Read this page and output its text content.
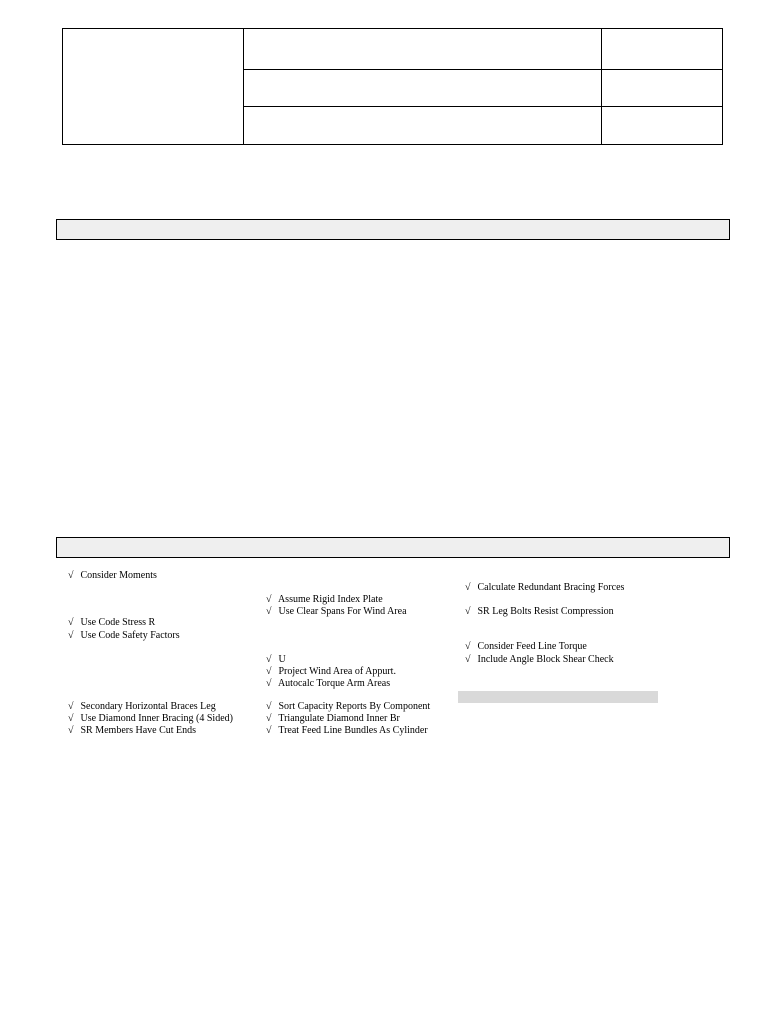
√ Consider Moments
√ Use Code Stress R
√ Use Code Safety Factors
√ Secondary Horizontal Braces Leg
√ Use Diamond Inner Bracing (4 Sided)
√ SR Members Have Cut Ends
√ Assume Rigid Index Plate
√ Use Clear Spans For Wind Area
√ U
√ Project Wind Area of Appurt.
√ Autocalc Torque Arm Areas
√ Sort Capacity Reports By Component
√ Triangulate Diamond Inner Br
√ Treat Feed Line Bundles As Cylinder
√ Calculate Redundant Bracing Forces
√ SR Leg Bolts Resist Compression
√ Consider Feed Line Torque
√ Include Angle Block Shear Check
